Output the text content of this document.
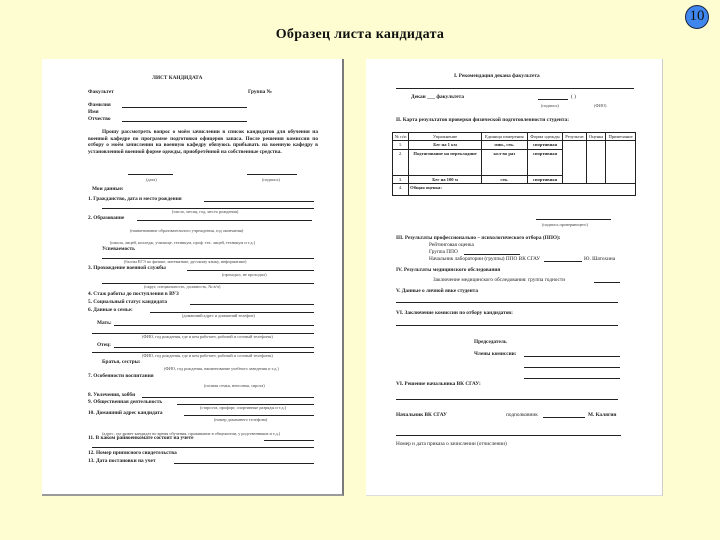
Образец листа кандидата
10
ЛИСТ КАНДИДАТА
Факультет	Группа №
Фамилия
Имя
Отчество
Прошу рассмотреть вопрос о моём зачислении в список кандидатов для обучения на военной кафедре по программе подготовки офицеров запаса. После решения комиссии по отбору о моём зачислении на военную кафедру обязуюсь прибывать на военную кафедру в установленной военной форме одежды, приобретённой на собственные средства.
(дата)	(подпись)
Мои данные:
1. Гражданство, дата и место рождения
(число, месяц, год, место рождения)
2. Образование
(наименование образовательного учреждения, год окончания)
(школа, лицей, колледж, училище, техникум, проф. тех. лицей, техникум и т.д.)
Успеваемость
(баллы ЕГЭ по физике, математике, русскому языку, информатике)
3. Прохождение военной службы
(проходил, не проходил)
(округ, специальность, должность, № в/ч)
4. Стаж работы до поступления в ВУЗ
5. Социальный статус кандидата
6. Данные о семье:
(домашний адрес и домашний телефон)
Мать:
(ФИО, год рождения, где и кем работает, рабочий и сотовый телефоны)
Отец:
(ФИО, год рождения, где и кем работает, рабочий и сотовый телефоны)
Братья, сестры:
(ФИО, год рождения, наименование учебного заведения и т.д.)
7. Особенности воспитания
(полная семья, неполная, сирота)
8. Увлечения, хобби
9. Общественная деятельность
(староста, профорг, спортивные разряды и т.д.)
10. Домашний адрес кандидата
(номер домашнего телефона)
(адрес, где живет кандидат во время обучения, проживание в общежитии, у родственников и т.д.)
11. В каком райвоенкомате состоит на учете
12. Номер приписного свидетельства
13. Дата постановки на учет
I. Рекомендация декана факультета
Декан ___ факультета	( )
(подпись)	(ФИО)
II. Карта результатов проверки физической подготовленности студента:
№ п/п	Упражнение	Единица измерения	Форма одежды	Результат	Оценка	Примечание
1.	Бег на 1 км	мин., сек.	спортивная			
2.	Подтягивание на перекладине	кол-во раз	спортивная			
3.	Бег на 100 м	сек.	спортивная			
4.	Общая оценка:					
(подпись проверяющего)
III. Результаты профессионально – психологического отбора (ППО):
Рейтинговая оценка
Группа ППО
Начальник лаборатории (группы) ППО ВК СГАУ	Ю. Шатохина
IV. Результаты медицинского обследования
Заключение медицинского обследования: группа годности
V. Данные о личной явке студента
VI. Заключение комиссии по отбору кандидатов:
Председатель
Члены комиссии:
VI. Решение начальника ВК СГАУ:
Начальник ВК СГАУ	подполковник	М. Калягин
Номер и дата приказа о зачислении (отчислении)
